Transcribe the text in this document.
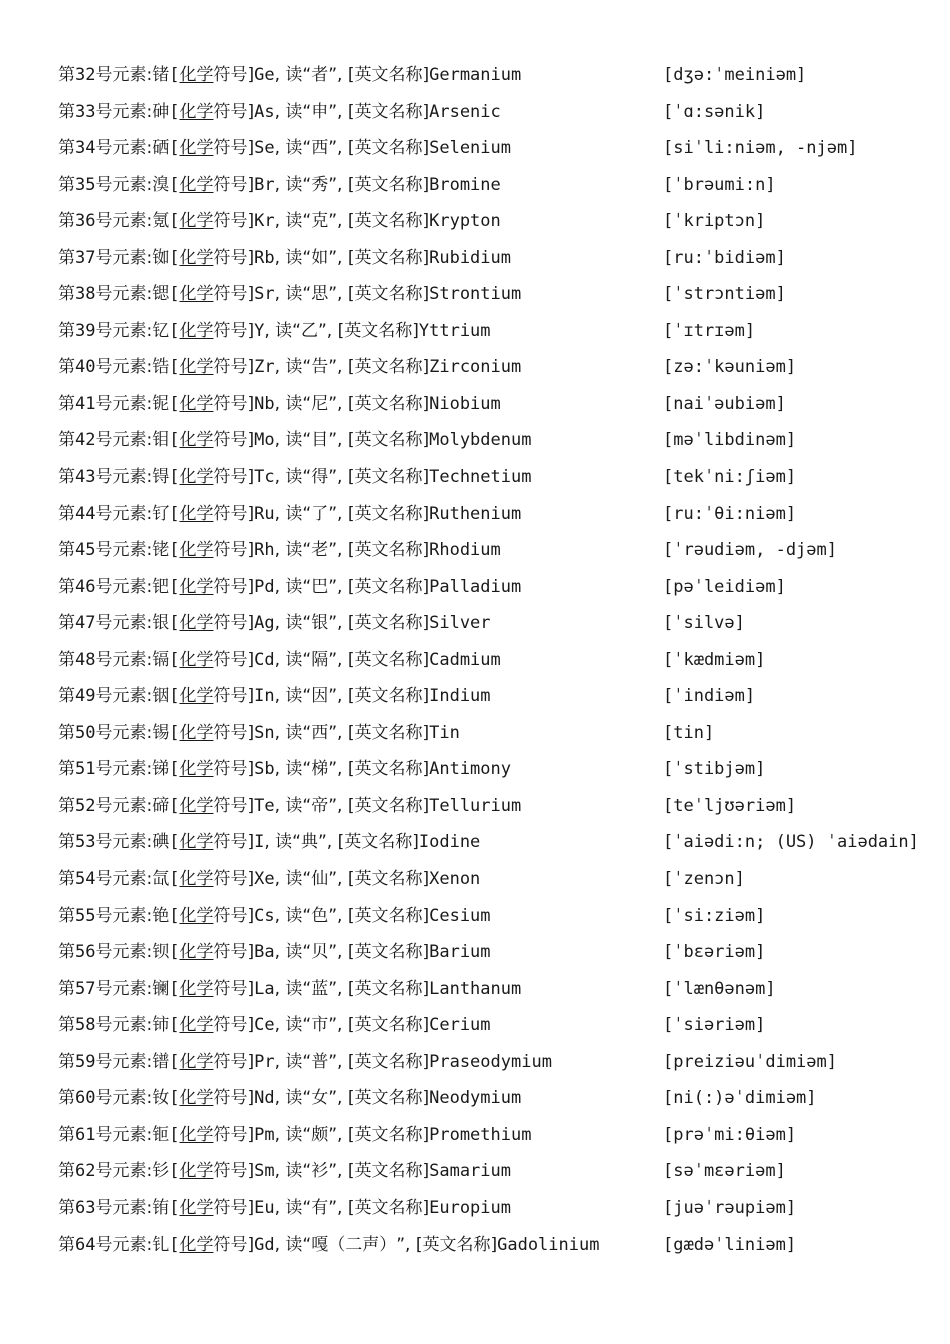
第32号元素:锗[化学符号]Ge, 读“者”, [英文名称]Germanium	[dʒə:ˈmeiniəm]
第33号元素:砷[化学符号]As, 读“申”, [英文名称]Arsenic	[ˈɑ:sənik]
第34号元素:硒[化学符号]Se, 读“西”, [英文名称]Selenium	[siˈli:niəm, -njəm]
第35号元素:溴[化学符号]Br, 读“秀”, [英文名称]Bromine	[ˈbrəumi:n]
第36号元素:氪[化学符号]Kr, 读“克”, [英文名称]Krypton	[ˈkriptɔn]
第37号元素:铷[化学符号]Rb, 读“如”, [英文名称]Rubidium	[ru:ˈbidiəm]
第38号元素:锶[化学符号]Sr, 读“思”, [英文名称]Strontium	[ˈstrɔntiəm]
第39号元素:钇[化学符号]Y, 读“乙”, [英文名称]Yttrium	[ˈɪtrɪəm]
第40号元素:锆[化学符号]Zr, 读“告”, [英文名称]Zirconium	[zə:ˈkəuniəm]
第41号元素:铌[化学符号]Nb, 读“尼”, [英文名称]Niobium	[naiˈəubiəm]
第42号元素:钼[化学符号]Mo, 读“目”, [英文名称]Molybdenum	[məˈlibdinəm]
第43号元素:锝[化学符号]Tc, 读“得”, [英文名称]Technetium	[tekˈni:ʃiəm]
第44号元素:钌[化学符号]Ru, 读“了”, [英文名称]Ruthenium	[ru:ˈθi:niəm]
第45号元素:铑[化学符号]Rh, 读“老”, [英文名称]Rhodium	[ˈrəudiəm, -djəm]
第46号元素:钯[化学符号]Pd, 读“巴”, [英文名称]Palladium	[pəˈleidiəm]
第47号元素:银[化学符号]Ag, 读“银”, [英文名称]Silver	[ˈsilvə]
第48号元素:镉[化学符号]Cd, 读“隔”, [英文名称]Cadmium	[ˈkædmiəm]
第49号元素:铟[化学符号]In, 读“因”, [英文名称]Indium	[ˈindiəm]
第50号元素:锡[化学符号]Sn, 读“西”, [英文名称]Tin	[tin]
第51号元素:锑[化学符号]Sb, 读“梯”, [英文名称]Antimony	[ˈstibjəm]
第52号元素:碲[化学符号]Te, 读“帝”, [英文名称]Tellurium	[teˈljʊəriəm]
第53号元素:碘[化学符号]I, 读“典”, [英文名称]Iodine	[ˈaiədi:n; (US) ˈaiədain]
第54号元素:氙[化学符号]Xe, 读“仙”, [英文名称]Xenon	[ˈzenɔn]
第55号元素:铯[化学符号]Cs, 读“色”, [英文名称]Cesium	[ˈsi:ziəm]
第56号元素:钡[化学符号]Ba, 读“贝”, [英文名称]Barium	[ˈbɛəriəm]
第57号元素:镧[化学符号]La, 读“蓝”, [英文名称]Lanthanum	[ˈlænθənəm]
第58号元素:铈[化学符号]Ce, 读“市”, [英文名称]Cerium	[ˈsiəriəm]
第59号元素:镨[化学符号]Pr, 读“普”, [英文名称]Praseodymium	[preiziəuˈdimiəm]
第60号元素:钕[化学符号]Nd, 读“女”, [英文名称]Neodymium	[ni(:)əˈdimiəm]
第61号元素:钷[化学符号]Pm, 读“颇”, [英文名称]Promethium	[prəˈmi:θiəm]
第62号元素:钐[化学符号]Sm, 读“衫”, [英文名称]Samarium	[səˈmɛəriəm]
第63号元素:铕[化学符号]Eu, 读“有”, [英文名称]Europium	[juəˈrəupiəm]
第64号元素:钆[化学符号]Gd, 读“嘎（二声）”, [英文名称]Gadolinium	[gædəˈliniəm]
